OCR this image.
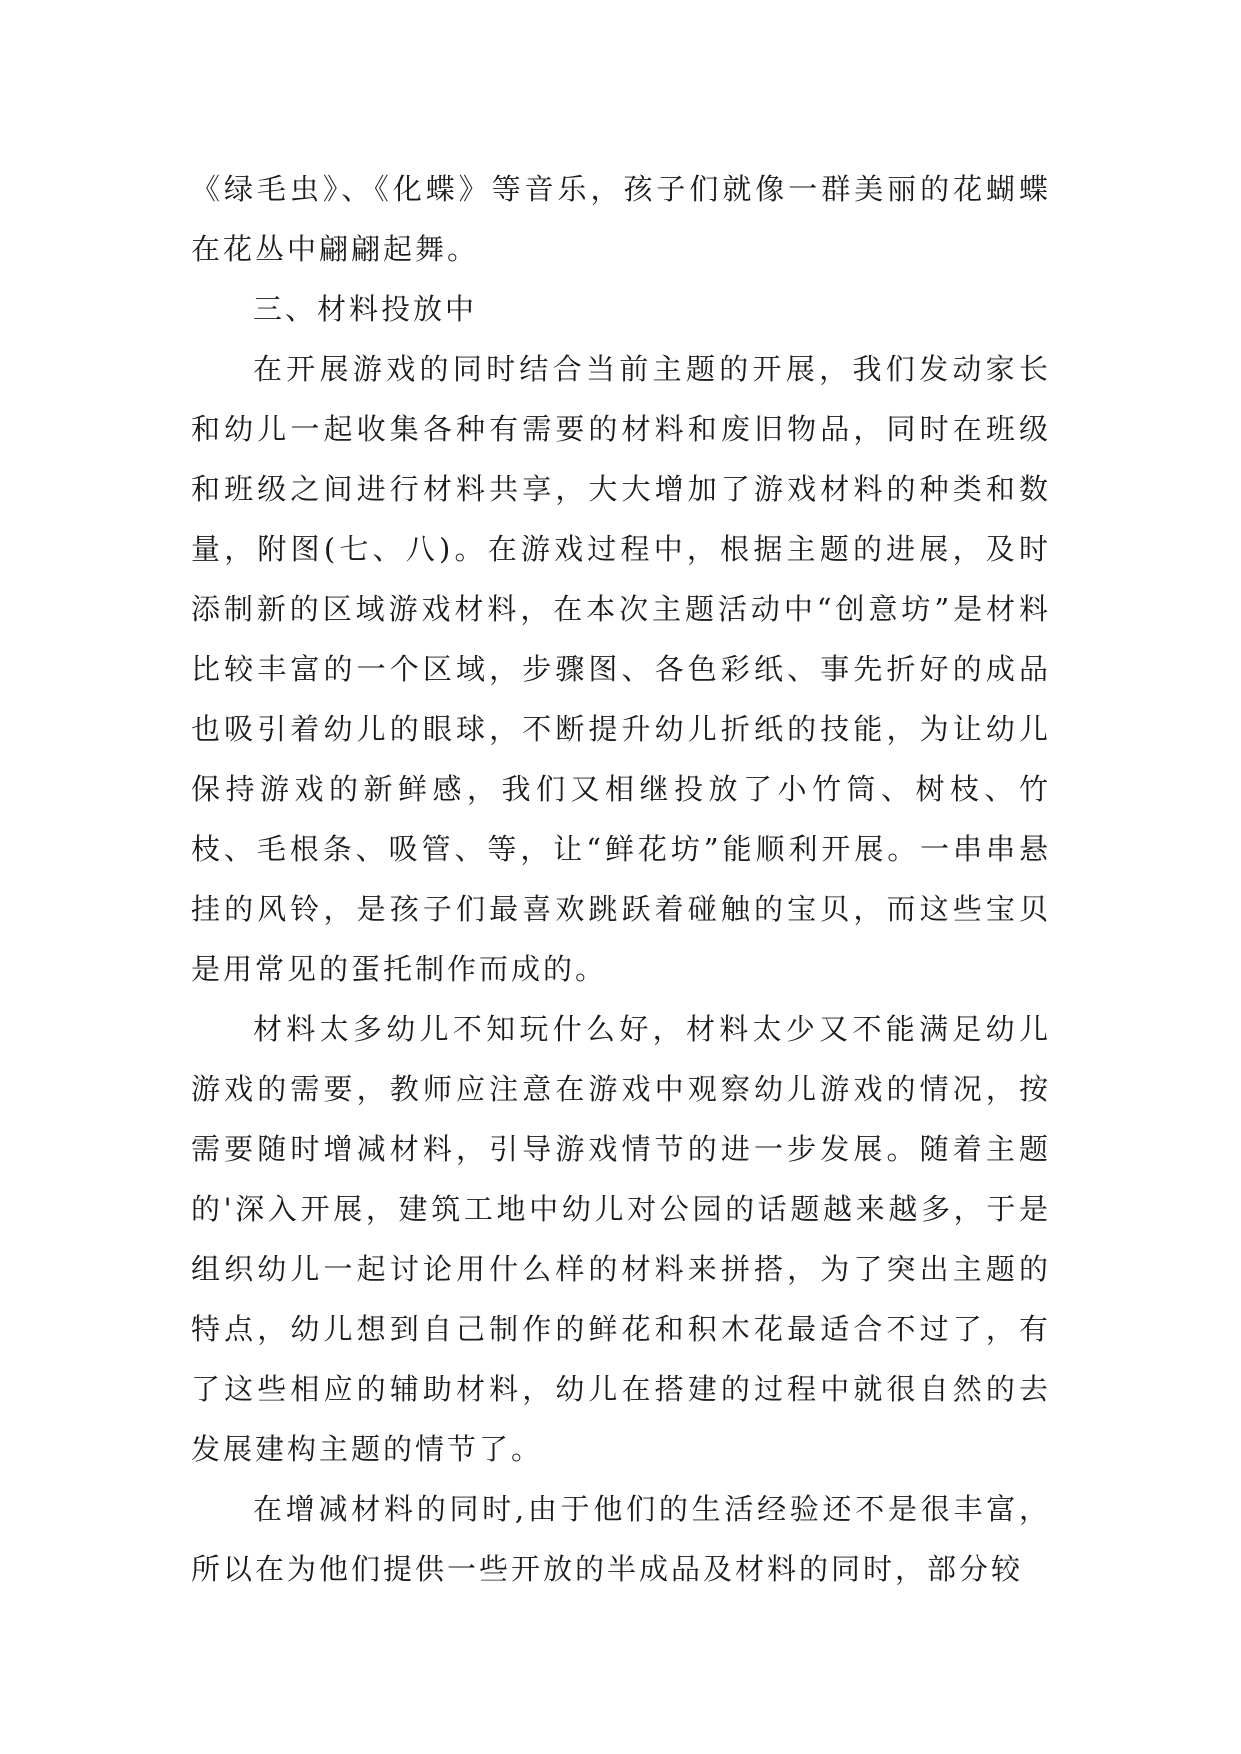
《绿毛虫》、《化蝶》等音乐，孩子们就像一群美丽的花蝴蝶在花丛中翩翩起舞。

三、材料投放中

在开展游戏的同时结合当前主题的开展，我们发动家长和幼儿一起收集各种有需要的材料和废旧物品，同时在班级和班级之间进行材料共享，大大增加了游戏材料的种类和数量，附图(七、八)。在游戏过程中，根据主题的进展，及时添制新的区域游戏材料，在本次主题活动中“创意坊”是材料比较丰富的一个区域，步骤图、各色彩纸、事先折好的成品也吸引着幼儿的眼球，不断提升幼儿折纸的技能，为让幼儿保持游戏的新鲜感，我们又相继投放了小竹筒、树枝、竹枝、毛根条、吸管、等，让“鲜花坊”能顺利开展。一串串悬挂的风铃，是孩子们最喜欢跳跃着碰触的宝贝，而这些宝贝是用常见的蛋托制作而成的。

材料太多幼儿不知玩什么好，材料太少又不能满足幼儿游戏的需要，教师应注意在游戏中观察幼儿游戏的情况，按需要随时增减材料，引导游戏情节的进一步发展。随着主题的'深入开展，建筑工地中幼儿对公园的话题越来越多，于是组织幼儿一起讨论用什么样的材料来拼搭，为了突出主题的特点，幼儿想到自己制作的鲜花和积木花最适合不过了，有了这些相应的辅助材料，幼儿在搭建的过程中就很自然的去发展建构主题的情节了。

在增减材料的同时,由于他们的生活经验还不是很丰富，所以在为他们提供一些开放的半成品及材料的同时，部分较
